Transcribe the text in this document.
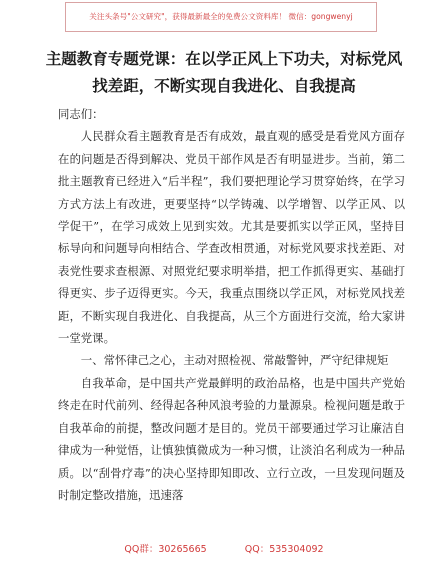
关注头条号"公文研究"，获得最新最全的免费公文资料库！ 微信：gongwenyj
主题教育专题党课：在以学正风上下功夫，对标党风找差距，不断实现自我进化、自我提高

同志们：

人民群众看主题教育是否有成效，最直观的感受是看党风方面存在的问题是否得到解决、党员干部作风是否有明显进步。当前，第二批主题教育已经进入“后半程”，我们要把理论学习贯穿始终，在学习方式方法上有改进，更要坚持“以学铸魂、以学增智、以学正风、以学促干”，在学习成效上见到实效。尤其是要抓实以学正风，坚持目标导向和问题导向相结合、学查改相贯通，对标党风要求找差距、对表党性要求查根源、对照党纪要求明举措，把工作抓得更实、基础打得更实、步子迈得更实。今天，我重点围绕以学正风，对标党风找差距，不断实现自我进化、自我提高，从三个方面进行交流，给大家讲一堂党课。

一、常怀律己之心，主动对照检视、常敲警钟，严守纪律规矩

自我革命，是中国共产党最鲜明的政治品格，也是中国共产党始终走在时代前列、经得起各种风浪考验的力量源泉。检视问题是敢于自我革命的前提，整改问题才是目的。党员干部要通过学习让廉洁自律成为一种觉悟，让慎独慎微成为一种习惯，让淡泊名利成为一种品质。以“刮骨疗毒”的决心坚持即知即改、立行立改，一旦发现问题及时制定整改措施，迅速落

QQ群：30265665	QQ：535304092
